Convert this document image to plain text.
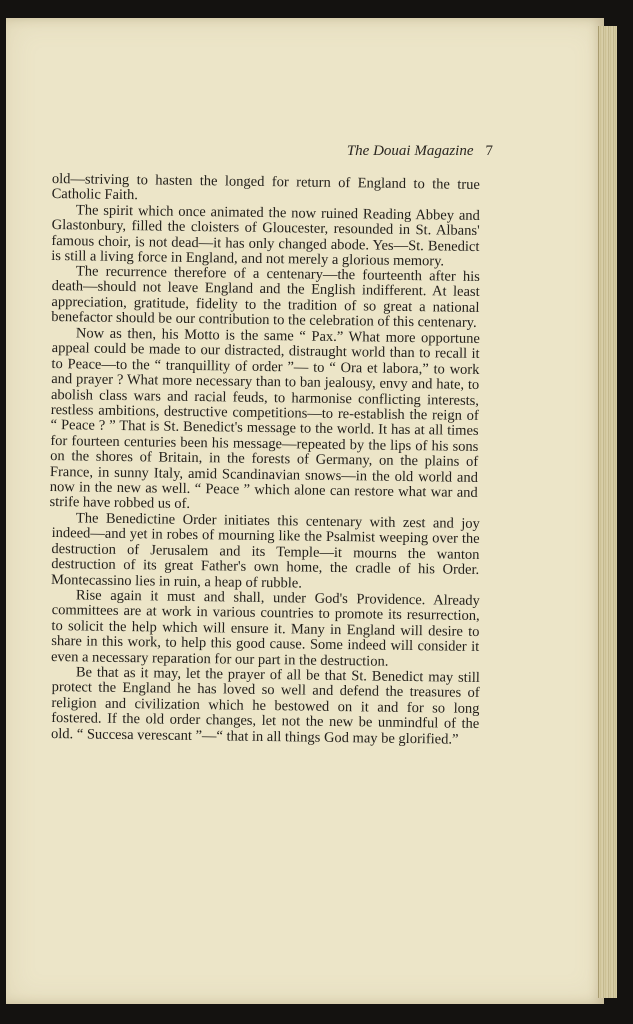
The Douai Magazine 7

old—striving to hasten the longed for return of England to the true Catholic Faith.

The spirit which once animated the now ruined Reading Abbey and Glastonbury, filled the cloisters of Gloucester, resounded in St. Albans' famous choir, is not dead—it has only changed abode. Yes—St. Benedict is still a living force in England, and not merely a glorious memory.

The recurrence therefore of a centenary—the fourteenth after his death—should not leave England and the English indifferent. At least appreciation, gratitude, fidelity to the tradition of so great a national benefactor should be our contribution to the celebration of this centenary.

Now as then, his Motto is the same “ Pax.” What more opportune appeal could be made to our distracted, distraught world than to recall it to Peace—to the “ tranquillity of order ”— to “ Ora et labora,” to work and prayer ? What more necessary than to ban jealousy, envy and hate, to abolish class wars and racial feuds, to harmonise conflicting interests, restless ambitions, destructive competitions—to re-establish the reign of “ Peace ? ” That is St. Benedict's message to the world. It has at all times for fourteen centuries been his message—repeated by the lips of his sons on the shores of Britain, in the forests of Germany, on the plains of France, in sunny Italy, amid Scandinavian snows—in the old world and now in the new as well. “ Peace ” which alone can restore what war and strife have robbed us of.

The Benedictine Order initiates this centenary with zest and joy indeed—and yet in robes of mourning like the Psalmist weeping over the destruction of Jerusalem and its Temple—it mourns the wanton destruction of its great Father's own home, the cradle of his Order. Montecassino lies in ruin, a heap of rubble.

Rise again it must and shall, under God's Providence. Already committees are at work in various countries to promote its resurrection, to solicit the help which will ensure it. Many in England will desire to share in this work, to help this good cause. Some indeed will consider it even a necessary reparation for our part in the destruction.

Be that as it may, let the prayer of all be that St. Benedict may still protect the England he has loved so well and defend the treasures of religion and civilization which he bestowed on it and for so long fostered. If the old order changes, let not the new be unmindful of the old. “ Succesa verescant ”—“ that in all things God may be glorified.”
